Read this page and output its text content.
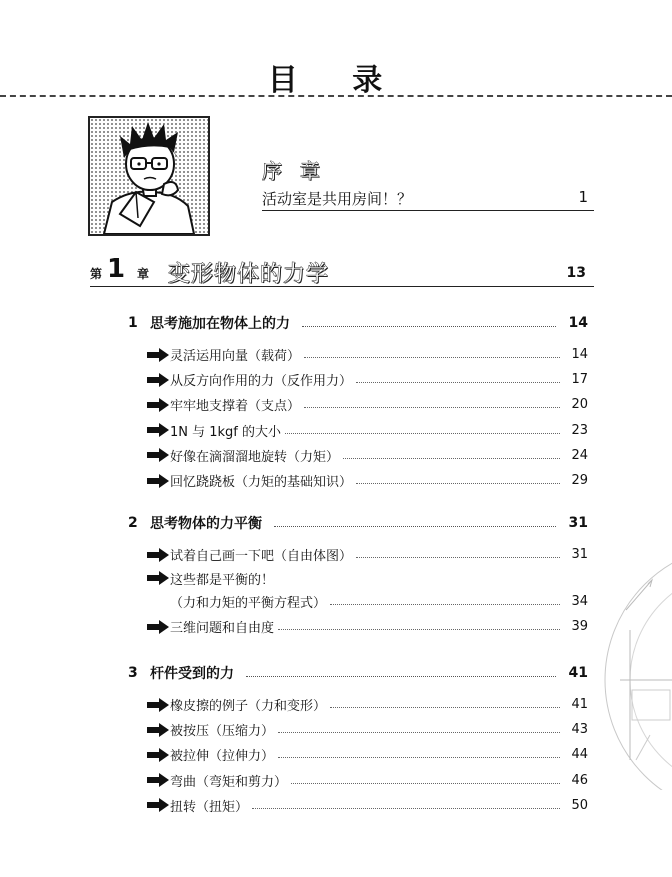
目 录
序章
活动室是共用房间！？	1
第 1 章 变形物体的力学	13
1 思考施加在物体上的力	14
灵活运用向量（载荷）	14
从反方向作用的力（反作用力）	17
牢牢地支撑着（支点）	20
1N 与 1kgf 的大小	23
好像在滴溜溜地旋转（力矩）	24
回忆跷跷板（力矩的基础知识）	29
2 思考物体的力平衡	31
试着自己画一下吧（自由体图）	31
这些都是平衡的！
（力和力矩的平衡方程式）	34
三维问题和自由度	39
3 杆件受到的力	41
橡皮擦的例子（力和变形）	41
被按压（压缩力）	43
被拉伸（拉伸力）	44
弯曲（弯矩和剪力）	46
扭转（扭矩）	50
